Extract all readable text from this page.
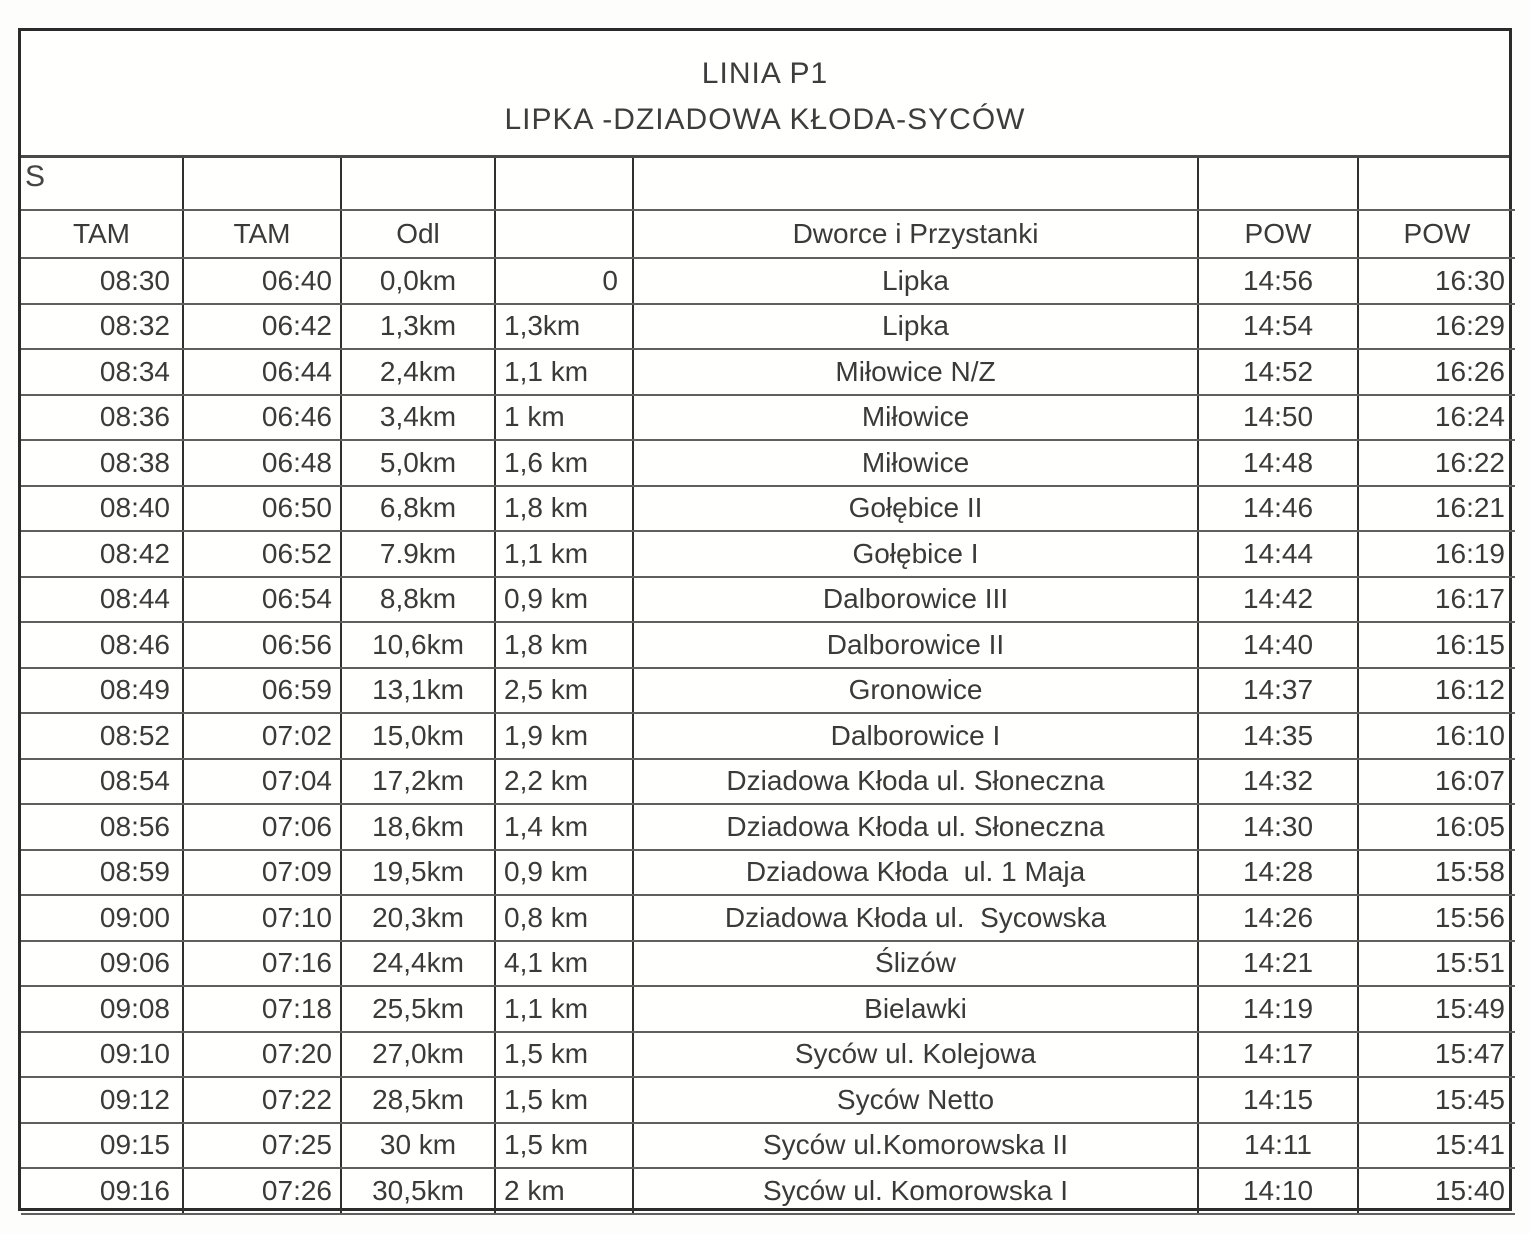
LINIA P1
LIPKA -DZIADOWA KŁODA-SYCÓW
S						
TAM	TAM	Odl		Dworce i Przystanki	POW	POW
08:30	06:40	0,0km	0	Lipka	14:56	16:30
08:32	06:42	1,3km	1,3km	Lipka	14:54	16:29
08:34	06:44	2,4km	1,1 km	Miłowice N/Z	14:52	16:26
08:36	06:46	3,4km	1 km	Miłowice	14:50	16:24
08:38	06:48	5,0km	1,6 km	Miłowice	14:48	16:22
08:40	06:50	6,8km	1,8 km	Gołębice II	14:46	16:21
08:42	06:52	7.9km	1,1 km	Gołębice I	14:44	16:19
08:44	06:54	8,8km	0,9 km	Dalborowice III	14:42	16:17
08:46	06:56	10,6km	1,8 km	Dalborowice II	14:40	16:15
08:49	06:59	13,1km	2,5 km	Gronowice	14:37	16:12
08:52	07:02	15,0km	1,9 km	Dalborowice I	14:35	16:10
08:54	07:04	17,2km	2,2 km	Dziadowa Kłoda ul. Słoneczna	14:32	16:07
08:56	07:06	18,6km	1,4 km	Dziadowa Kłoda ul. Słoneczna	14:30	16:05
08:59	07:09	19,5km	0,9 km	Dziadowa Kłoda  ul. 1 Maja	14:28	15:58
09:00	07:10	20,3km	0,8 km	Dziadowa Kłoda ul.  Sycowska	14:26	15:56
09:06	07:16	24,4km	4,1 km	Ślizów	14:21	15:51
09:08	07:18	25,5km	1,1 km	Bielawki	14:19	15:49
09:10	07:20	27,0km	1,5 km	Syców ul. Kolejowa	14:17	15:47
09:12	07:22	28,5km	1,5 km	Syców Netto	14:15	15:45
09:15	07:25	30 km	1,5 km	Syców ul.Komorowska II	14:11	15:41
09:16	07:26	30,5km	2 km	Syców ul. Komorowska I	14:10	15:40
